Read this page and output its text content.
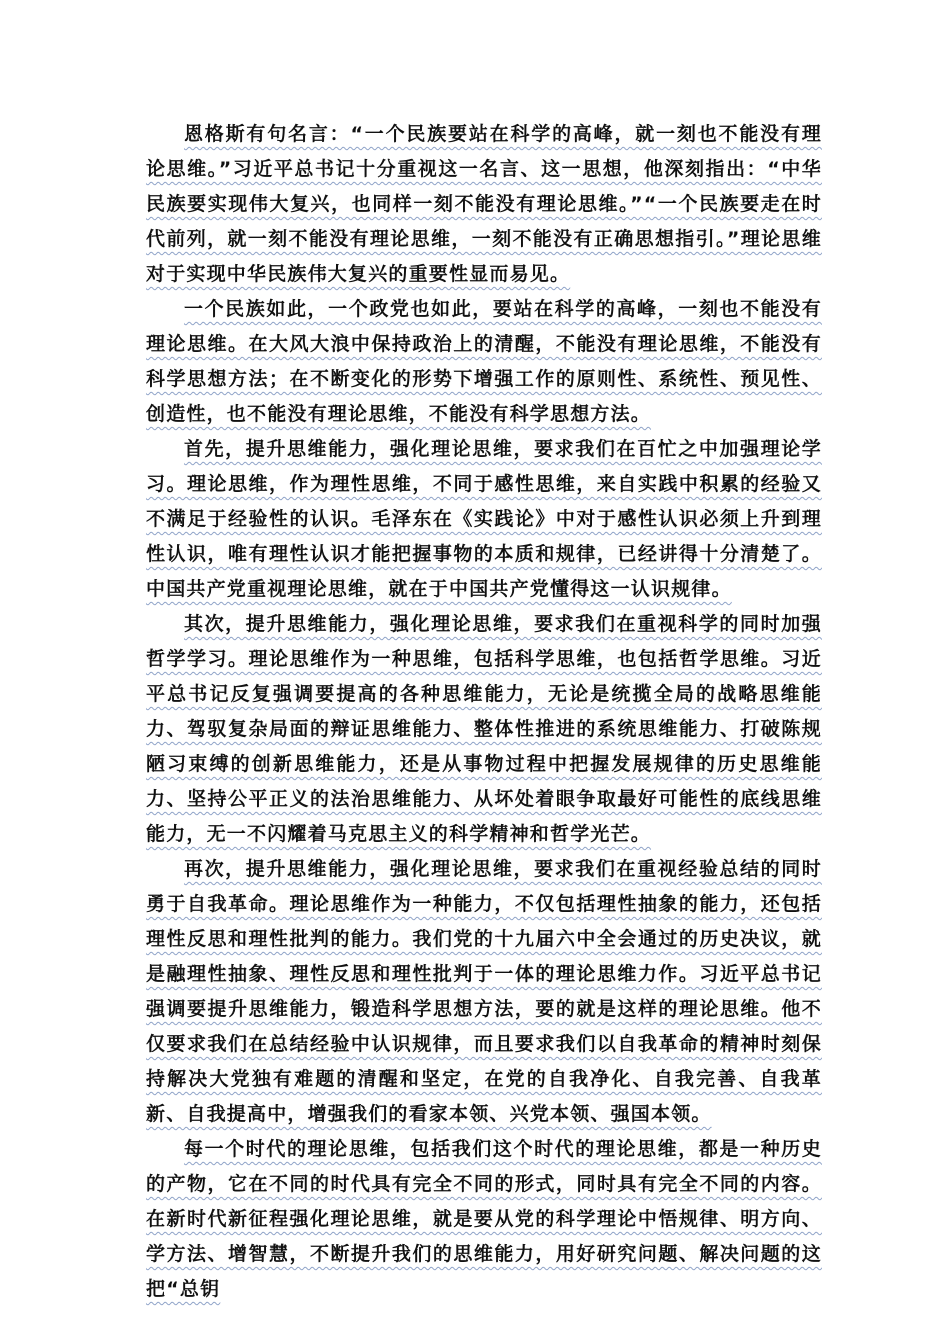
恩格斯有句名言：“一个民族要站在科学的高峰，就一刻也不能没有理论思维。”习近平总书记十分重视这一名言、这一思想，他深刻指出：“中华民族要实现伟大复兴，也同样一刻不能没有理论思维。”“一个民族要走在时代前列，就一刻不能没有理论思维，一刻不能没有正确思想指引。”理论思维对于实现中华民族伟大复兴的重要性显而易见。

一个民族如此，一个政党也如此，要站在科学的高峰，一刻也不能没有理论思维。在大风大浪中保持政治上的清醒，不能没有理论思维，不能没有科学思想方法；在不断变化的形势下增强工作的原则性、系统性、预见性、创造性，也不能没有理论思维，不能没有科学思想方法。

首先，提升思维能力，强化理论思维，要求我们在百忙之中加强理论学习。理论思维，作为理性思维，不同于感性思维，来自实践中积累的经验又不满足于经验性的认识。毛泽东在《实践论》中对于感性认识必须上升到理性认识，唯有理性认识才能把握事物的本质和规律，已经讲得十分清楚了。中国共产党重视理论思维，就在于中国共产党懂得这一认识规律。

其次，提升思维能力，强化理论思维，要求我们在重视科学的同时加强哲学学习。理论思维作为一种思维，包括科学思维，也包括哲学思维。习近平总书记反复强调要提高的各种思维能力，无论是统揽全局的战略思维能力、驾驭复杂局面的辩证思维能力、整体性推进的系统思维能力、打破陈规陋习束缚的创新思维能力，还是从事物过程中把握发展规律的历史思维能力、坚持公平正义的法治思维能力、从坏处着眼争取最好可能性的底线思维能力，无一不闪耀着马克思主义的科学精神和哲学光芒。

再次，提升思维能力，强化理论思维，要求我们在重视经验总结的同时勇于自我革命。理论思维作为一种能力，不仅包括理性抽象的能力，还包括理性反思和理性批判的能力。我们党的十九届六中全会通过的历史决议，就是融理性抽象、理性反思和理性批判于一体的理论思维力作。习近平总书记强调要提升思维能力，锻造科学思想方法，要的就是这样的理论思维。他不仅要求我们在总结经验中认识规律，而且要求我们以自我革命的精神时刻保持解决大党独有难题的清醒和坚定，在党的自我净化、自我完善、自我革新、自我提高中，增强我们的看家本领、兴党本领、强国本领。

每一个时代的理论思维，包括我们这个时代的理论思维，都是一种历史的产物，它在不同的时代具有完全不同的形式，同时具有完全不同的内容。在新时代新征程强化理论思维，就是要从党的科学理论中悟规律、明方向、学方法、增智慧，不断提升我们的思维能力，用好研究问题、解决问题的这把“总钥
